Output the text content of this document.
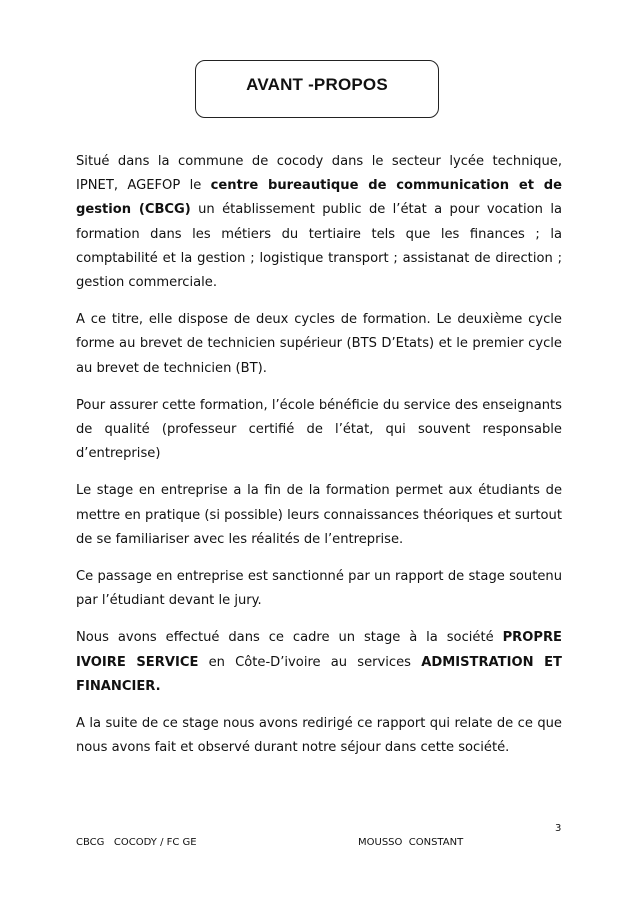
AVANT -PROPOS

Situé dans la commune de cocody dans le secteur lycée technique, IPNET, AGEFOP le centre bureautique de communication et de gestion (CBCG) un établissement public de l’état a pour vocation la formation dans les métiers du tertiaire tels que les finances ; la comptabilité et la gestion ; logistique transport ; assistanat de direction ; gestion commerciale.

A ce titre, elle dispose de deux cycles de formation. Le deuxième cycle forme au brevet de technicien supérieur (BTS D’Etats) et le premier cycle au brevet de technicien (BT).

Pour assurer cette formation, l’école bénéficie du service des enseignants de qualité (professeur certifié de l’état, qui souvent responsable d’entreprise)

Le stage en entreprise a la fin de la formation permet aux étudiants de mettre en pratique (si possible) leurs connaissances théoriques et surtout de se familiariser avec les réalités de l’entreprise.

Ce passage en entreprise est sanctionné par un rapport de stage soutenu par l’étudiant devant le jury.

Nous avons effectué dans ce cadre un stage à la société PROPRE IVOIRE SERVICE en Côte-D’ivoire au services ADMISTRATION ET FINANCIER.

A la suite de ce stage nous avons redirigé ce rapport qui relate de ce que nous avons fait et observé durant notre séjour dans cette société.

3
CBCG   COCODY / FC GE	MOUSSO  CONSTANT
